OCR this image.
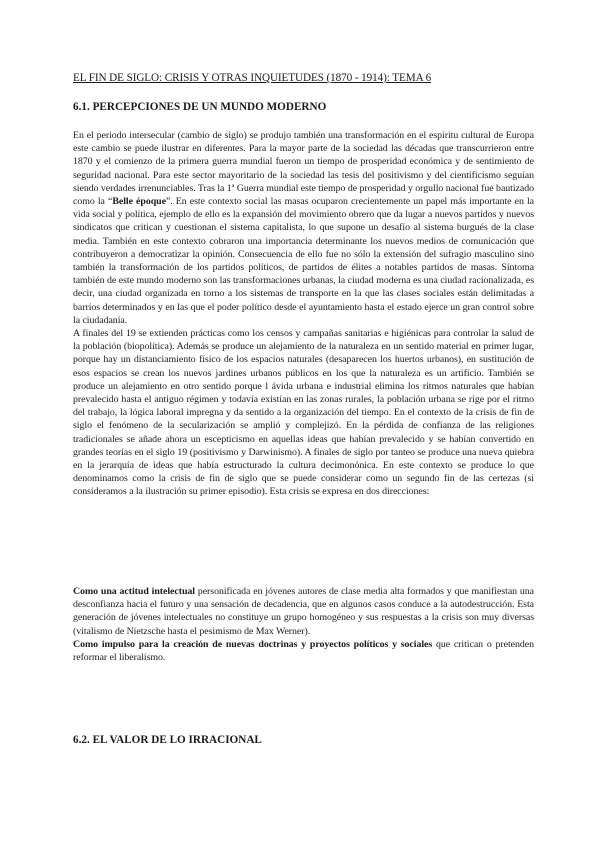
EL FIN DE SIGLO: CRISIS Y OTRAS INQUIETUDES (1870 - 1914): TEMA 6
6.1. PERCEPCIONES DE UN MUNDO MODERNO

En el periodo intersecular (cambio de siglo) se produjo también una transformación en el espíritu cultural de Europa este cambio se puede ilustrar en diferentes. Para la mayor parte de la sociedad las décadas que transcurrieron entre 1870 y el comienzo de la primera guerra mundial fueron un tiempo de prosperidad económica y de sentimiento de seguridad nacional. Para este sector mayoritario de la sociedad las tesis del positivismo y del cientificismo seguían siendo verdades irrenunciables. Tras la 1ª Guerra mundial este tiempo de prosperidad y orgullo nacional fue bautizado como la “Belle époque”. En este contexto social las masas ocuparon crecientemente un papel más importante en la vida social y política, ejemplo de ello es la expansión del movimiento obrero que da lugar a nuevos partidos y nuevos sindicatos que critican y cuestionan el sistema capitalista, lo que supone un desafío al sistema burgués de la clase media. También en este contexto cobraron una importancia determinante los nuevos medios de comunicación que contribuyeron a democratizar la opinión. Consecuencia de ello fue no sólo la extensión del sufragio masculino sino también la transformación de los partidos políticos, de partidos de élites a notables partidos de masas. Síntoma también de este mundo moderno son las transformaciones urbanas, la ciudad moderna es una ciudad racionalizada, es decir, una ciudad organizada en torno a los sistemas de transporte en la que las clases sociales están delimitadas a barrios determinados y en las que el poder político desde el ayuntamiento hasta el estado ejerce un gran control sobre la ciudadanía.

A finales del 19 se extienden prácticas como los censos y campañas sanitarias e higiénicas para controlar la salud de la población (biopolítica). Además se produce un alejamiento de la naturaleza en un sentido material en primer lugar, porque hay un distanciamiento físico de los espacios naturales (desaparecen los huertos urbanos), en sustitución de esos espacios se crean los nuevos jardines urbanos públicos en los que la naturaleza es un artificio. También se produce un alejamiento en otro sentido porque l ávida urbana e industrial elimina los ritmos naturales que habían prevalecido hasta el antiguo régimen y todavía existían en las zonas rurales, la población urbana se rige por el ritmo del trabajo, la lógica laboral impregna y da sentido a la organización del tiempo. En el contexto de la crisis de fin de siglo el fenómeno de la secularización se amplió y complejizó. En la pérdida de confianza de las religiones tradicionales se añade ahora un escepticismo en aquellas ideas que habían prevalecido y se habían convertido en grandes teorías en el siglo 19 (positivismo y Darwinismo). A finales de siglo por tanteo se produce una nueva quiebra en la jerarquía de ideas que había estructurado la cultura decimonónica. En este contexto se produce lo que denominamos como la crisis de fin de siglo que se puede considerar como un segundo fin de las certezas (si consideramos a la ilustración su primer episodio). Esta crisis se expresa en dos direcciones:

Como una actitud intelectual personificada en jóvenes autores de clase media alta formados y que manifiestan una desconfianza hacia el futuro y una sensación de decadencia, que en algunos casos conduce a la autodestrucción. Esta generación de jóvenes intelectuales no constituye un grupo homogéneo y sus respuestas a la crisis son muy diversas (vitalismo de Nietzsche hasta el pesimismo de Max Werner).

Como impulso para la creación de nuevas doctrinas y proyectos políticos y sociales que critican o pretenden reformar el liberalismo.

6.2. EL VALOR DE LO IRRACIONAL
